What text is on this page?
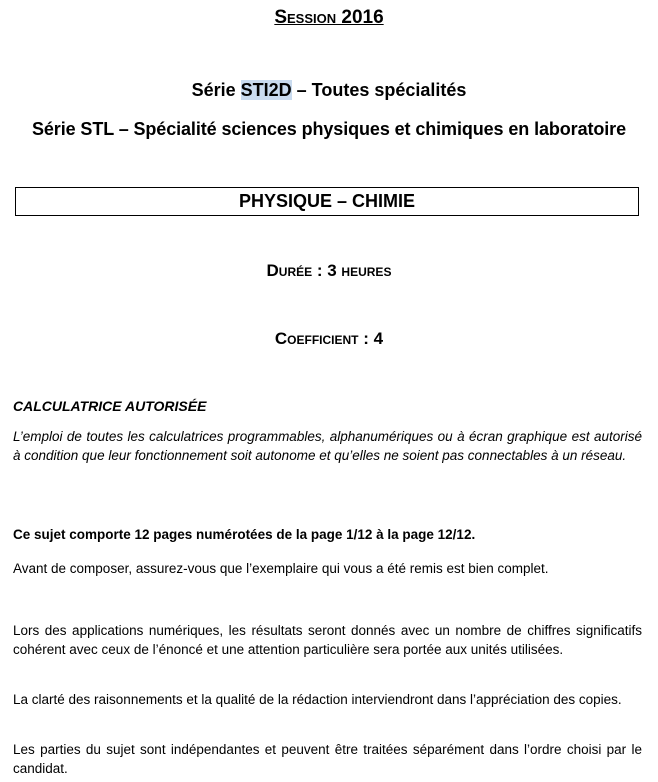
Session 2016
Série STI2D – Toutes spécialités
Série STL – Spécialité sciences physiques et chimiques en laboratoire
PHYSIQUE – CHIMIE
Durée : 3 heures
Coefficient : 4
CALCULATRICE AUTORISÉE
L’emploi de toutes les calculatrices programmables, alphanumériques ou à écran graphique est autorisé à condition que leur fonctionnement soit autonome et qu’elles ne soient pas connectables à un réseau.
Ce sujet comporte 12 pages numérotées de la page 1/12 à la page 12/12.
Avant de composer, assurez-vous que l’exemplaire qui vous a été remis est bien complet.
Lors des applications numériques, les résultats seront donnés avec un nombre de chiffres significatifs cohérent avec ceux de l’énoncé et une attention particulière sera portée aux unités utilisées.
La clarté des raisonnements et la qualité de la rédaction interviendront dans l’appréciation des copies.
Les parties du sujet sont indépendantes et peuvent être traitées séparément dans l’ordre choisi par le candidat.
